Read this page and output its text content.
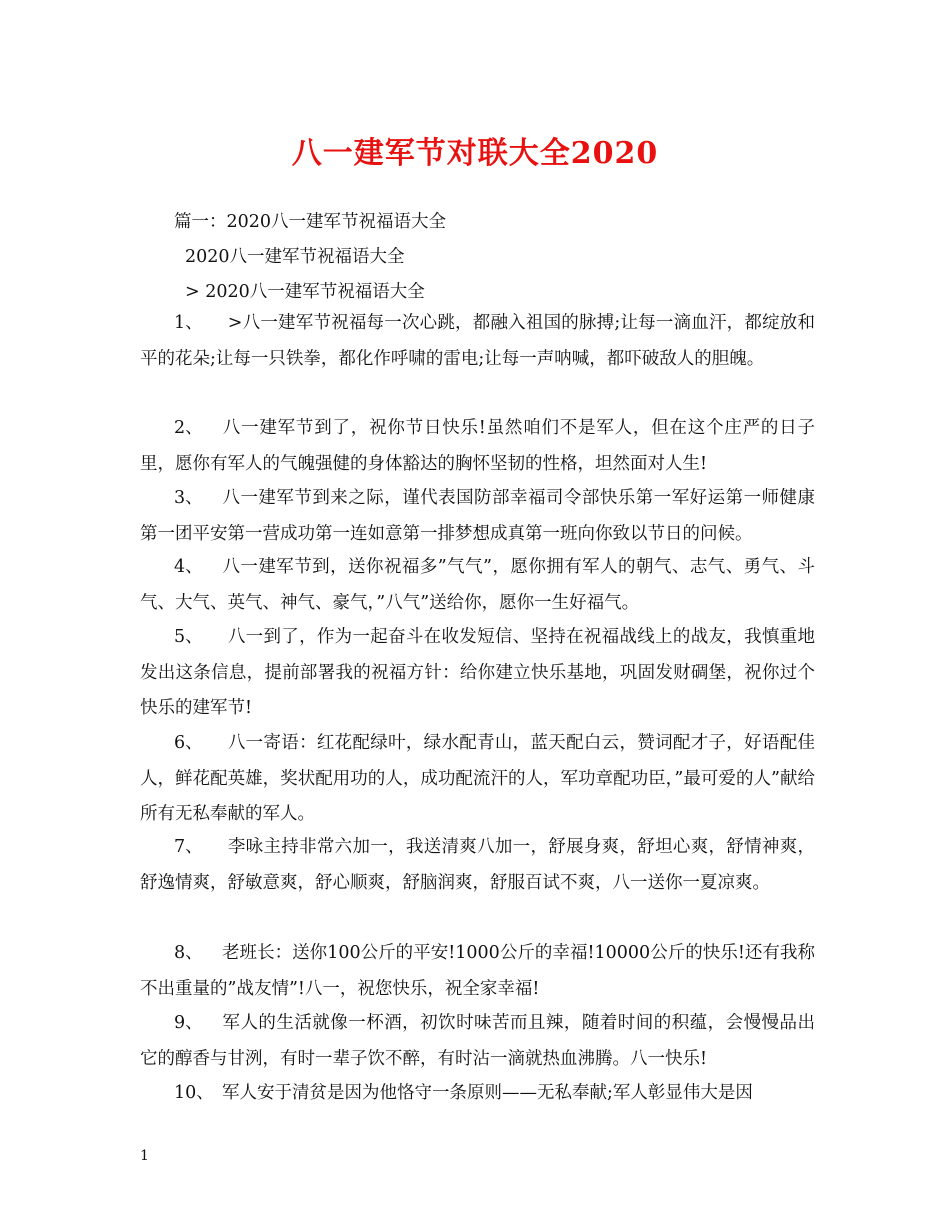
八一建军节对联大全2020
篇一：2020八一建军节祝福语大全
2020八一建军节祝福语大全
> 2020八一建军节祝福语大全
1、 >八一建军节祝福每一次心跳，都融入祖国的脉搏;让每一滴血汗，都绽放和平的花朵;让每一只铁拳，都化作呼啸的雷电;让每一声呐喊，都吓破敌人的胆魄。
2、 八一建军节到了，祝你节日快乐!虽然咱们不是军人，但在这个庄严的日子里，愿你有军人的气魄强健的身体豁达的胸怀坚韧的性格，坦然面对人生!
3、 八一建军节到来之际，谨代表国防部幸福司令部快乐第一军好运第一师健康第一团平安第一营成功第一连如意第一排梦想成真第一班向你致以节日的问候。
4、 八一建军节到，送你祝福多”气气”，愿你拥有军人的朝气、志气、勇气、斗气、大气、英气、神气、豪气，”八气”送给你，愿你一生好福气。
5、 八一到了，作为一起奋斗在收发短信、坚持在祝福战线上的战友，我慎重地发出这条信息，提前部署我的祝福方针：给你建立快乐基地，巩固发财碉堡，祝你过个快乐的建军节!
6、 八一寄语：红花配绿叶，绿水配青山，蓝天配白云，赞词配才子，好语配佳人，鲜花配英雄，奖状配用功的人，成功配流汗的人，军功章配功臣，”最可爱的人”献给所有无私奉献的军人。
7、 李咏主持非常六加一，我送清爽八加一，舒展身爽，舒坦心爽，舒情神爽，舒逸情爽，舒敏意爽，舒心顺爽，舒脑润爽，舒服百试不爽，八一送你一夏凉爽。
8、 老班长：送你100公斤的平安!1000公斤的幸福!10000公斤的快乐!还有我称不出重量的”战友情”!八一，祝您快乐，祝全家幸福!
9、 军人的生活就像一杯酒，初饮时味苦而且辣，随着时间的积蕴，会慢慢品出它的醇香与甘洌，有时一辈子饮不醉，有时沾一滴就热血沸腾。八一快乐!
10、 军人安于清贫是因为他恪守一条原则——无私奉献;军人彰显伟大是因
1
